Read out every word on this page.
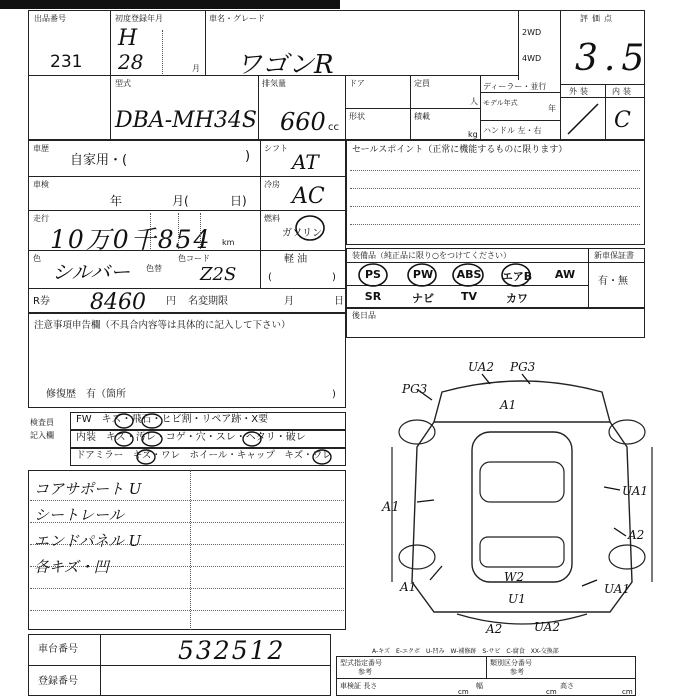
出品番号
231
初度登録年月
H
28	月
車名・グレード
ワゴンR
2WD
4WD
評価点
3.5
外装	内装
C
型式
DBA-MH34S
排気量
660 cc
ドア	定員
人
形状	積載
kg
ディーラー・並行
モデル年式
年
ハンドル 左・右
車歴
自家用・(	)
シフト
AT
車検
年	月(	日)
冷房 AC
走行
10万0千854 km
燃料
ガソリン
色
シルバー 色替
色コード
Z2S
軽 油
(	)
R券 8460 円 名変期限	月	日
セールスポイント（正常に機能するものに限ります）
装備品（純正品に限り○をつけてください）	新車保証書
有・無
PS	PW	ABS エアB	AW
SR	ナビ	TV	カワ
後日品
注意事項申告欄（不具合内容等は具体的に記入して下さい）
修復歴　有（箇所	)
検査員
記入欄
FW　キズ・飛石・ヒビ割・リペア跡・X要
内装　キズ・汚レ・コゲ・穴・スレ・ヘタリ・破レ
ドアミラー　キズ・ワレ　ホイール・キャップ　キズ・ワレ
コアサポート U
シートレール
エンドパネル U
各キズ・凹
UA2 PG3
PG3
A1
A1
UA1
A2
A1
W2
U1
UA1
A2	UA2
車台番号	532512
登録番号
A-キズ　E-エクボ　U-凹み　W-補修跡　S-サビ　C-腐食　XX-交換部
型式指定番号
参考
類別区分番号
参考
車検証 長さ
cm
幅
cm
高さ
cm
